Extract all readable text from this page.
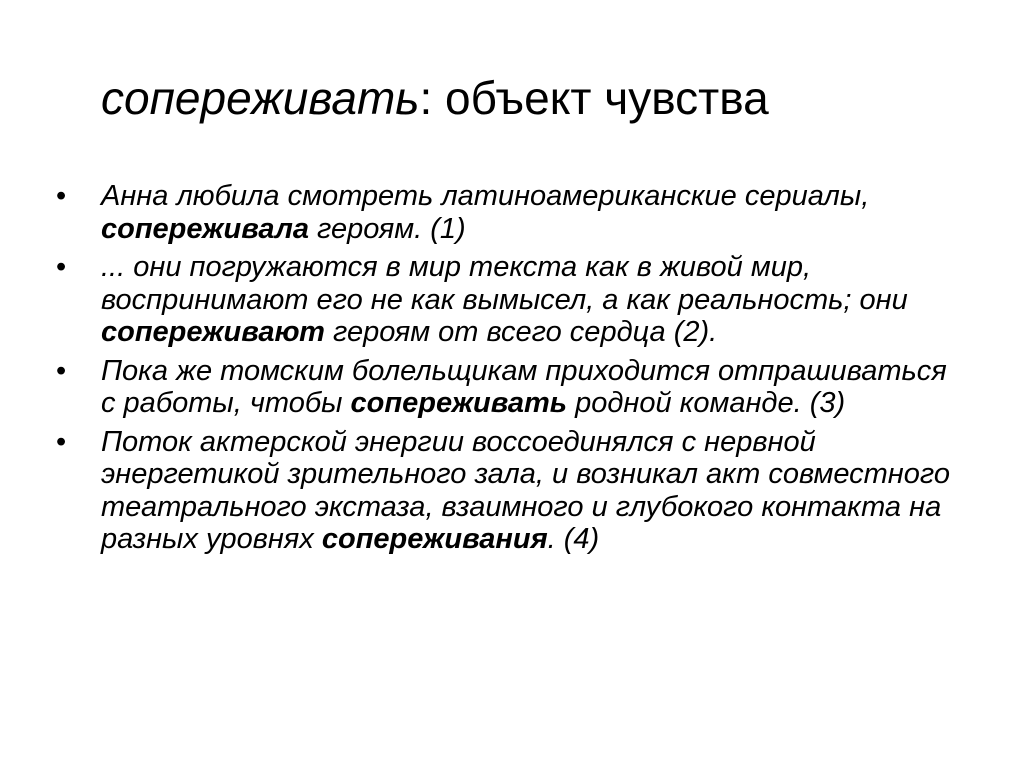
сопереживать: объект чувства
• Анна любила смотреть латиноамериканские сериалы, сопереживала героям. (1)
• ... они погружаются в мир текста как в живой мир, воспринимают его не как вымысел, а как реальность; они сопереживают героям от всего сердца (2).
• Пока же томским болельщикам приходится отпрашиваться с работы, чтобы сопереживать родной команде. (3)
• Поток актерской энергии воссоединялся с нервной энергетикой зрительного зала, и возникал акт совместного театрального экстаза, взаимного и глубокого контакта на разных уровнях сопереживания. (4)
